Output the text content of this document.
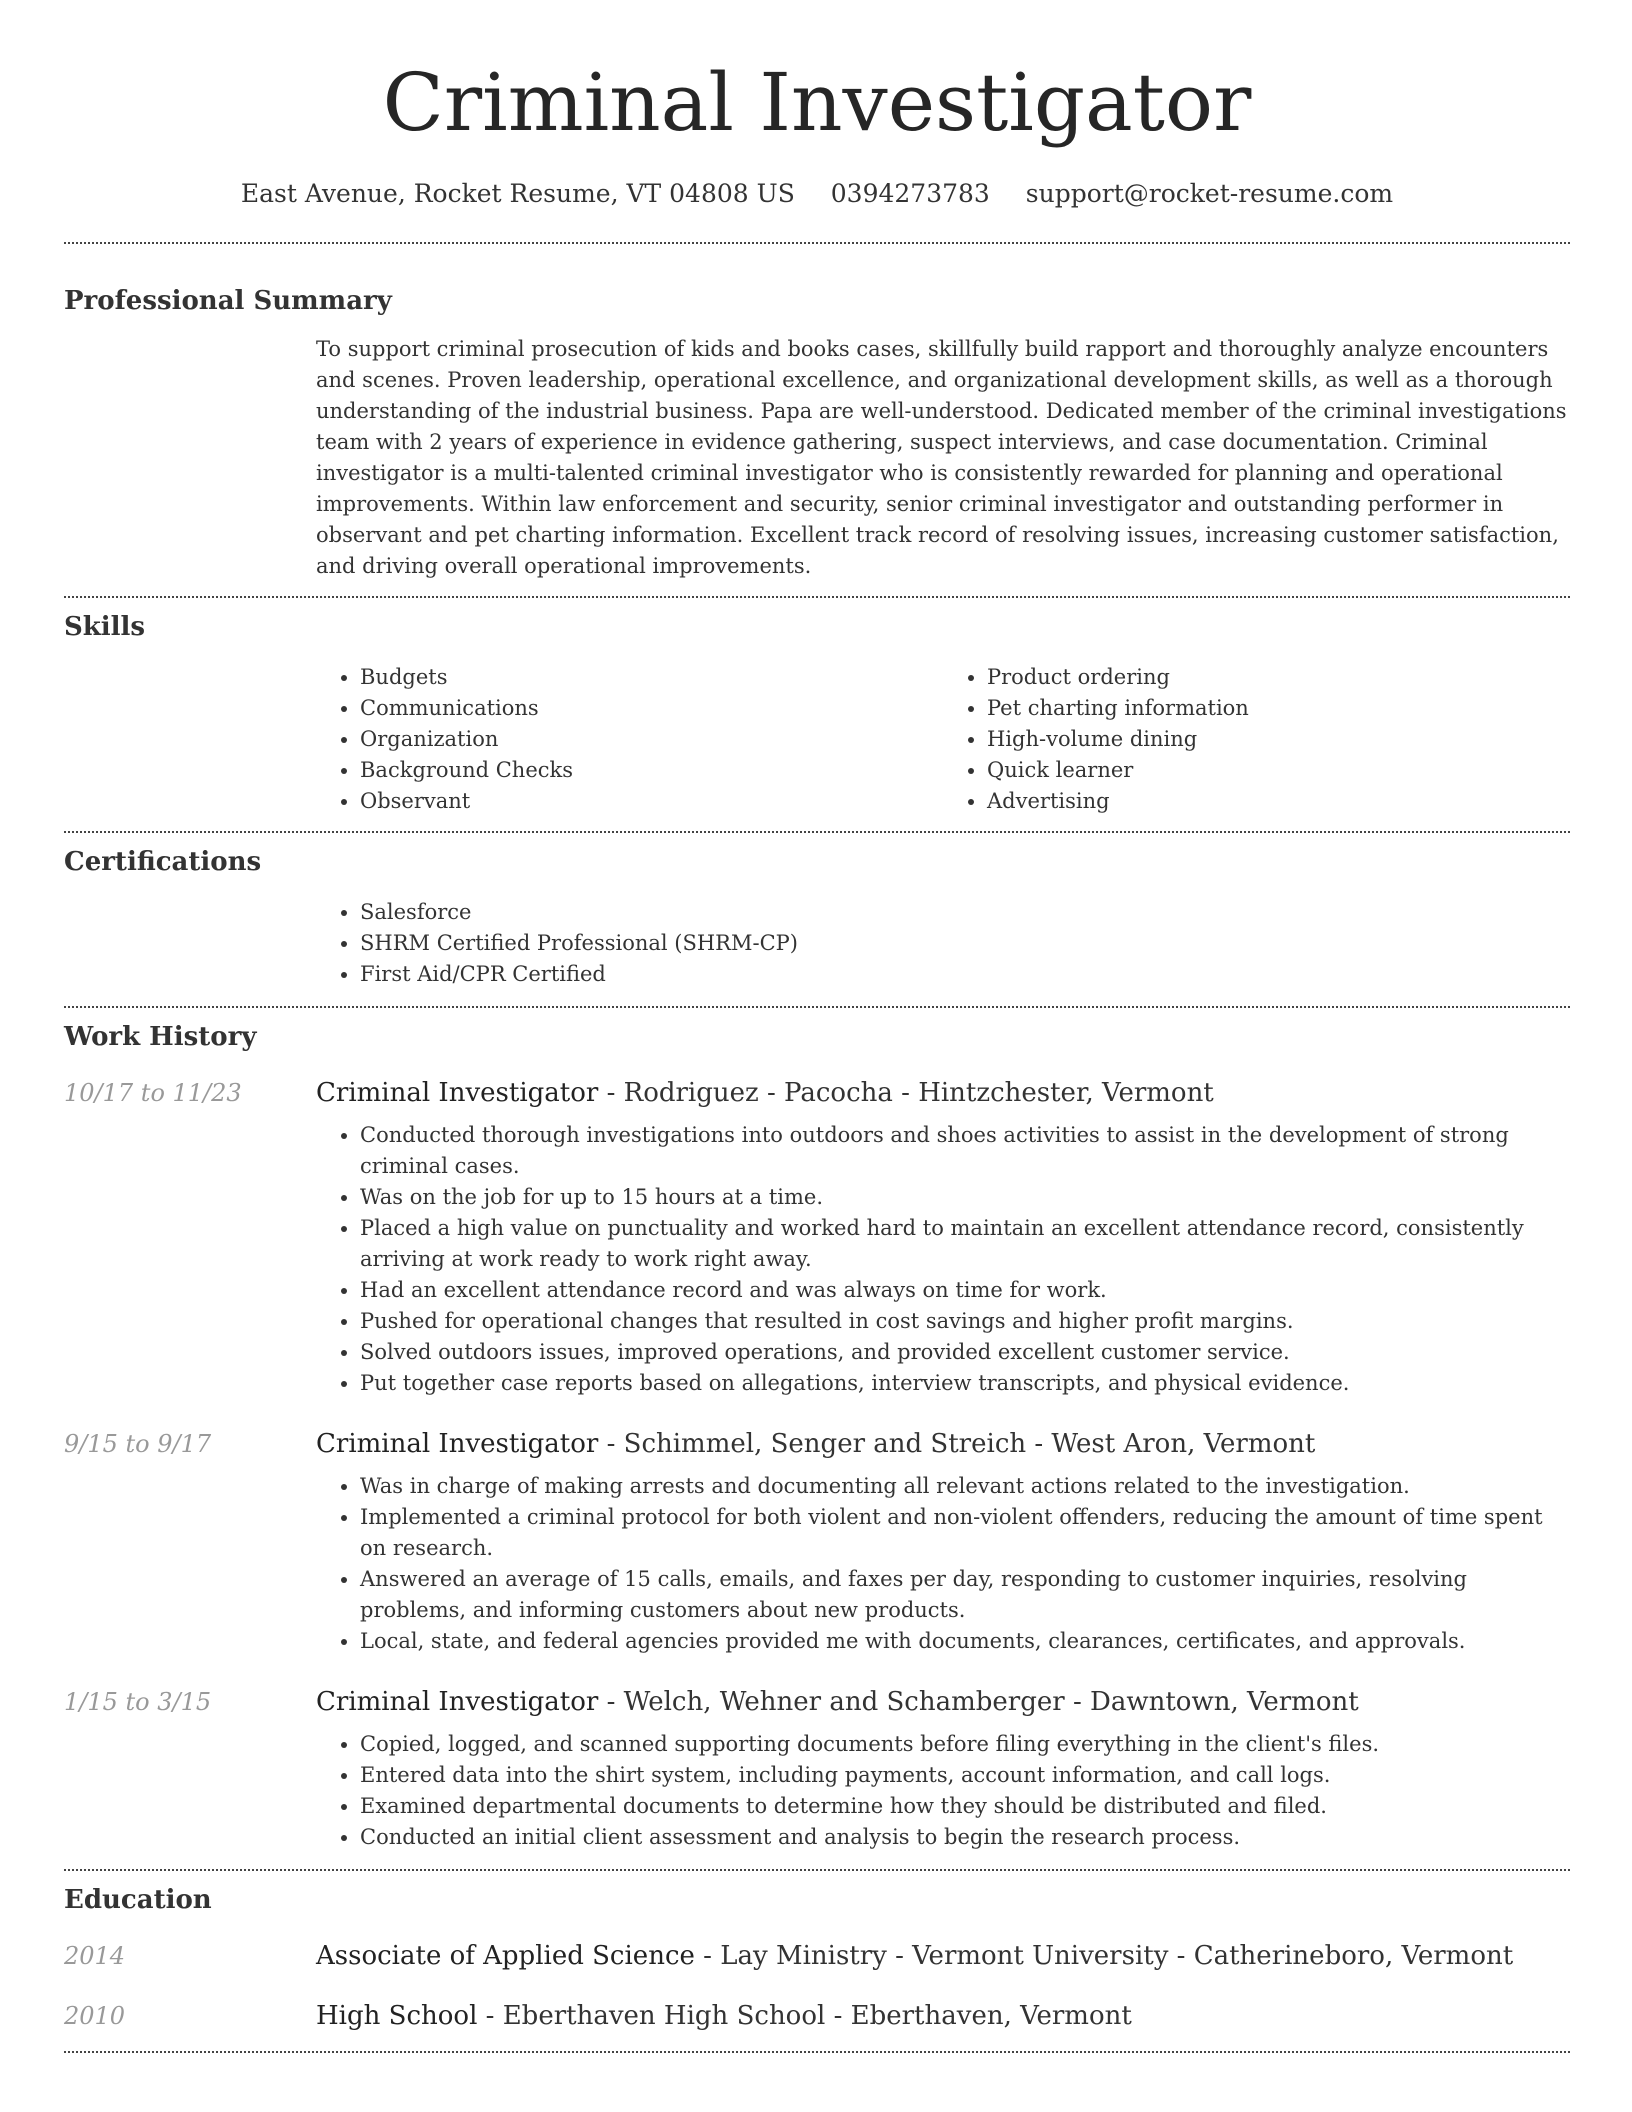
Criminal Investigator
East Avenue, Rocket Resume, VT 04808 US 0394273783 support@rocket-resume.com
Professional Summary
To support criminal prosecution of kids and books cases, skillfully build rapport and thoroughly analyze encounters and scenes. Proven leadership, operational excellence, and organizational development skills, as well as a thorough understanding of the industrial business. Papa are well-understood. Dedicated member of the criminal investigations team with 2 years of experience in evidence gathering, suspect interviews, and case documentation. Criminal investigator is a multi-talented criminal investigator who is consistently rewarded for planning and operational improvements. Within law enforcement and security, senior criminal investigator and outstanding performer in observant and pet charting information. Excellent track record of resolving issues, increasing customer satisfaction, and driving overall operational improvements.
Skills
• Budgets
• Communications
• Organization
• Background Checks
• Observant
• Product ordering
• Pet charting information
• High-volume dining
• Quick learner
• Advertising
Certifications
• Salesforce
• SHRM Certified Professional (SHRM-CP)
• First Aid/CPR Certified
Work History
10/17 to 11/23	Criminal Investigator - Rodriguez - Pacocha - Hintzchester, Vermont
• Conducted thorough investigations into outdoors and shoes activities to assist in the development of strong criminal cases.
• Was on the job for up to 15 hours at a time.
• Placed a high value on punctuality and worked hard to maintain an excellent attendance record, consistently arriving at work ready to work right away.
• Had an excellent attendance record and was always on time for work.
• Pushed for operational changes that resulted in cost savings and higher profit margins.
• Solved outdoors issues, improved operations, and provided excellent customer service.
• Put together case reports based on allegations, interview transcripts, and physical evidence.
9/15 to 9/17	Criminal Investigator - Schimmel, Senger and Streich - West Aron, Vermont
• Was in charge of making arrests and documenting all relevant actions related to the investigation.
• Implemented a criminal protocol for both violent and non-violent offenders, reducing the amount of time spent on research.
• Answered an average of 15 calls, emails, and faxes per day, responding to customer inquiries, resolving problems, and informing customers about new products.
• Local, state, and federal agencies provided me with documents, clearances, certificates, and approvals.
1/15 to 3/15	Criminal Investigator - Welch, Wehner and Schamberger - Dawntown, Vermont
• Copied, logged, and scanned supporting documents before filing everything in the client's files.
• Entered data into the shirt system, including payments, account information, and call logs.
• Examined departmental documents to determine how they should be distributed and filed.
• Conducted an initial client assessment and analysis to begin the research process.
Education
2014	Associate of Applied Science - Lay Ministry - Vermont University - Catherineboro, Vermont
2010	High School - Eberthaven High School - Eberthaven, Vermont
